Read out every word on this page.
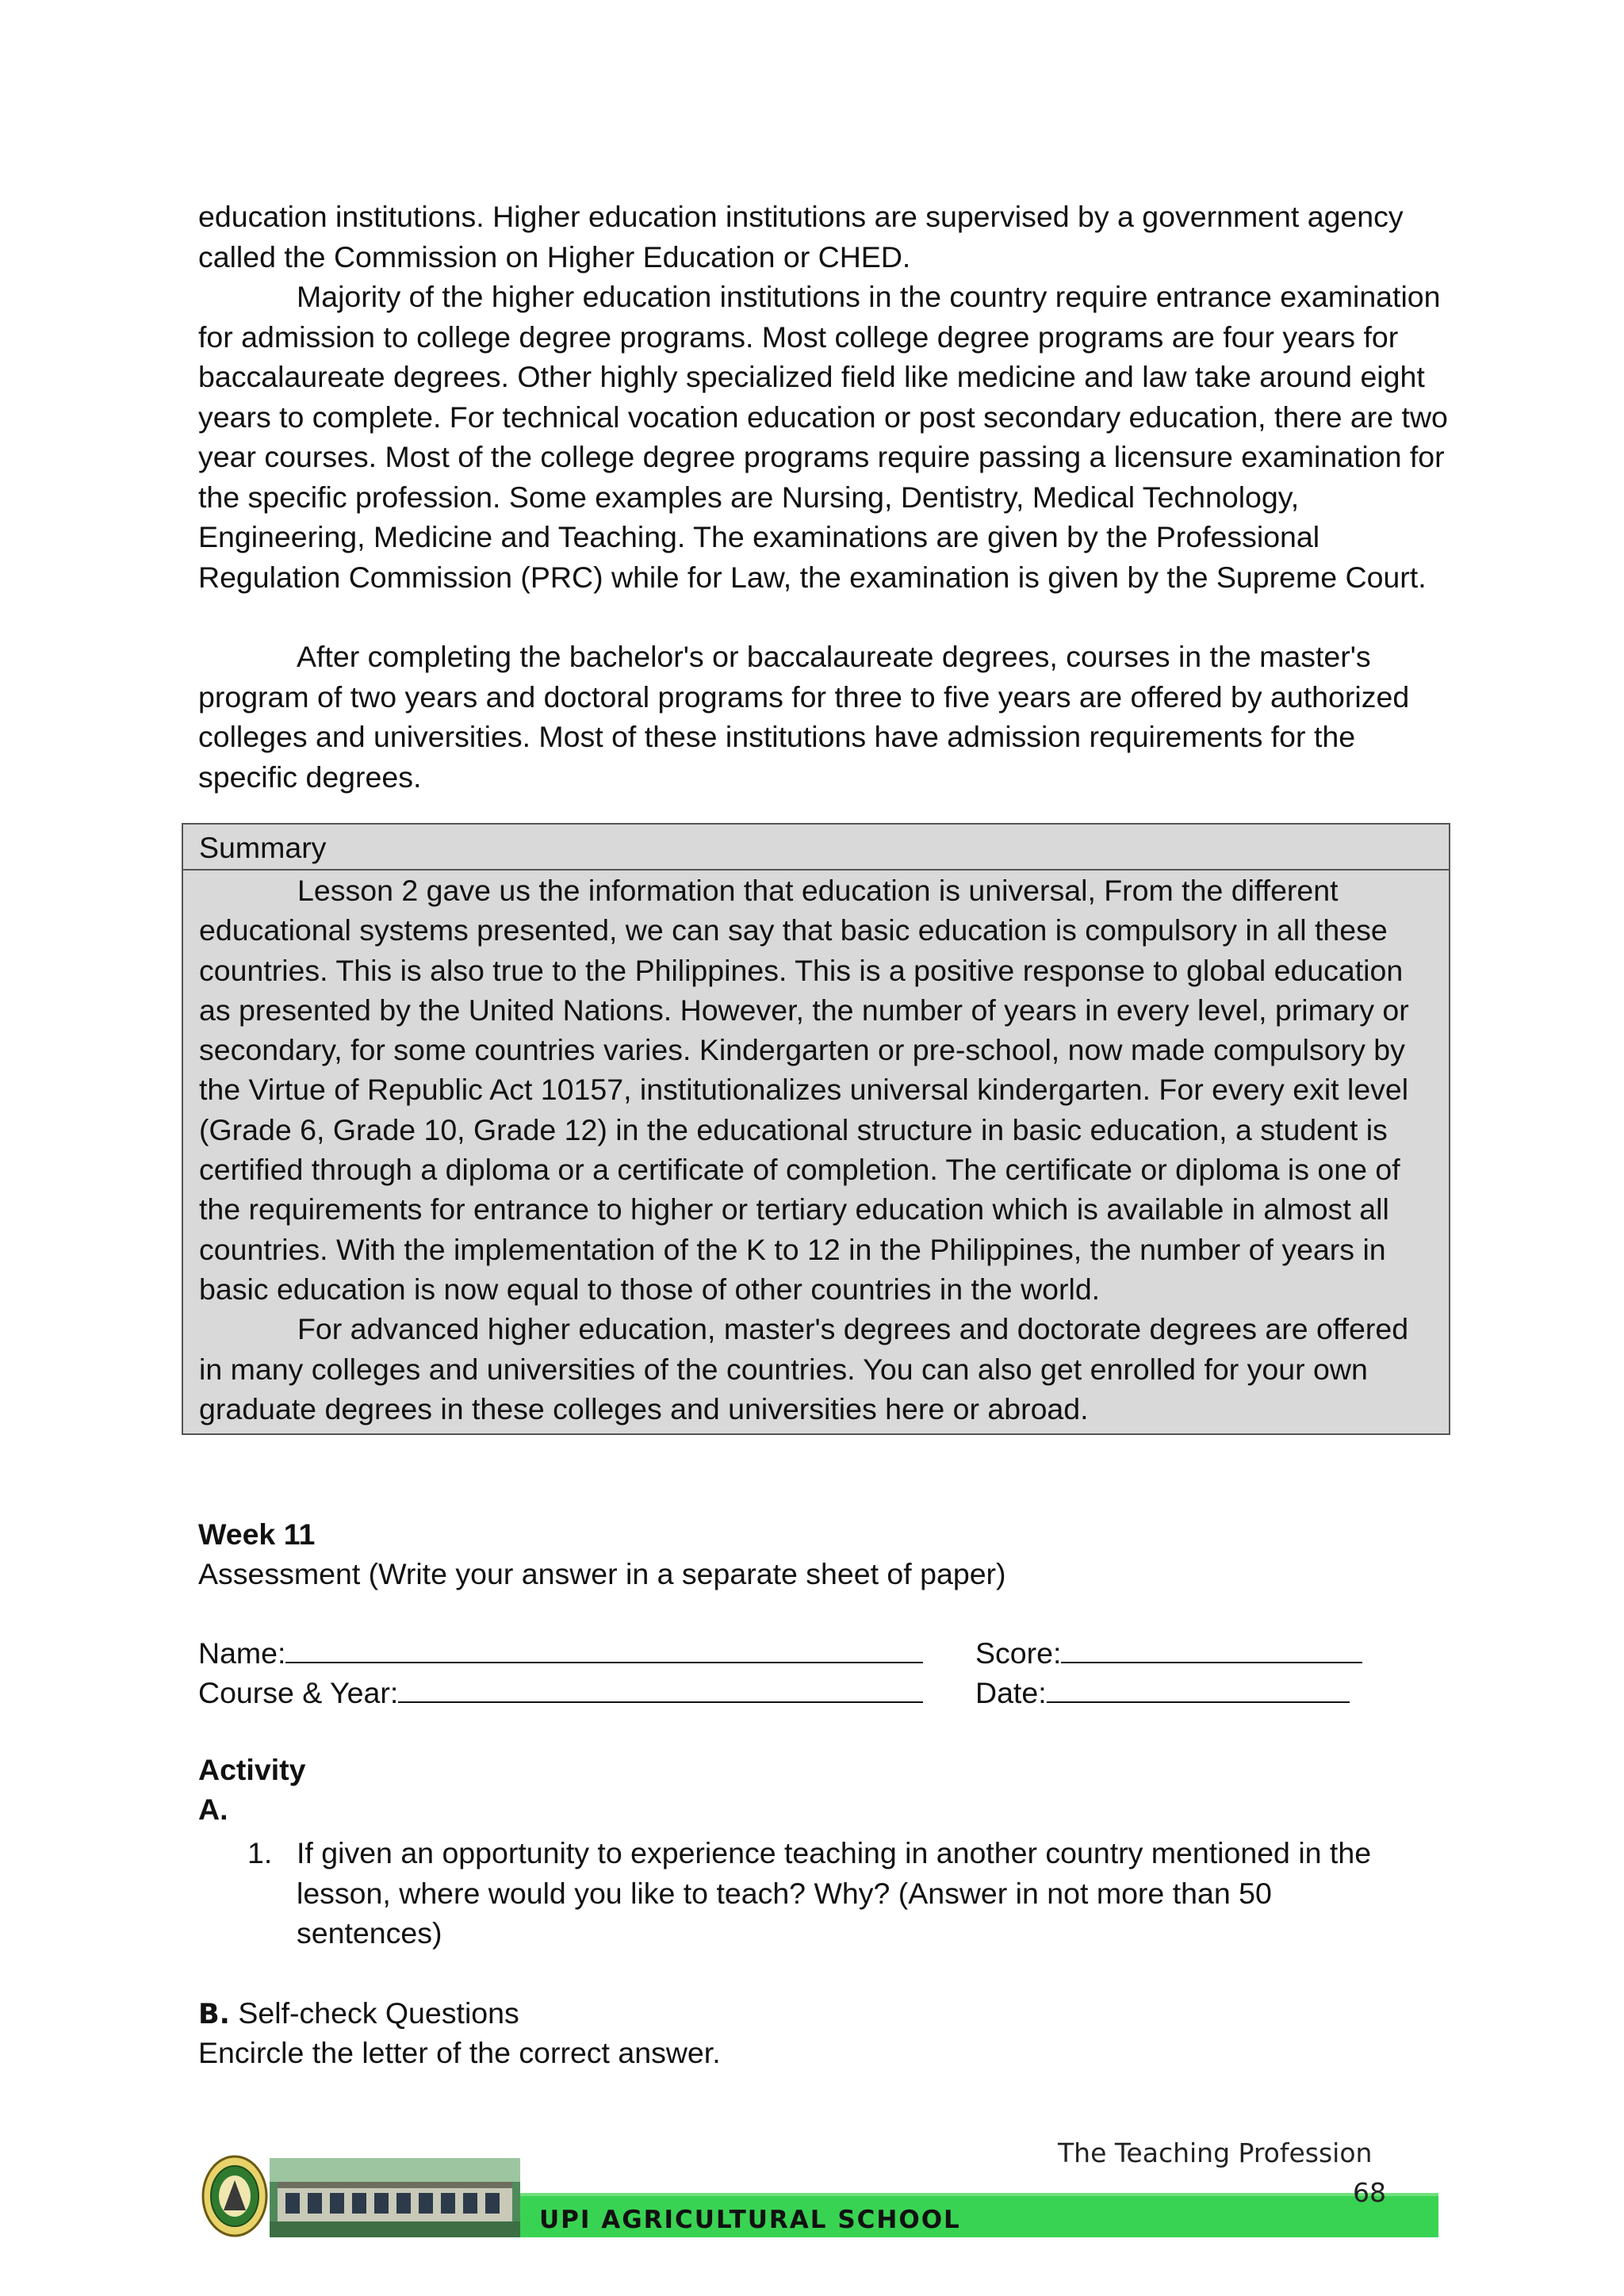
education institutions. Higher education institutions are supervised by a government agency called the Commission on Higher Education or CHED.

Majority of the higher education institutions in the country require entrance examination for admission to college degree programs. Most college degree programs are four years for baccalaureate degrees. Other highly specialized field like medicine and law take around eight years to complete. For technical vocation education or post secondary education, there are two year courses. Most of the college degree programs require passing a licensure examination for the specific profession. Some examples are Nursing, Dentistry, Medical Technology, Engineering, Medicine and Teaching. The examinations are given by the Professional Regulation Commission (PRC) while for Law, the examination is given by the Supreme Court.

After completing the bachelor's or baccalaureate degrees, courses in the master's program of two years and doctoral programs for three to five years are offered by authorized colleges and universities. Most of these institutions have admission requirements for the specific degrees.

Summary

Lesson 2 gave us the information that education is universal, From the different educational systems presented, we can say that basic education is compulsory in all these countries. This is also true to the Philippines. This is a positive response to global education as presented by the United Nations. However, the number of years in every level, primary or secondary, for some countries varies. Kindergarten or pre-school, now made compulsory by the Virtue of Republic Act 10157, institutionalizes universal kindergarten. For every exit level (Grade 6, Grade 10, Grade 12) in the educational structure in basic education, a student is certified through a diploma or a certificate of completion. The certificate or diploma is one of the requirements for entrance to higher or tertiary education which is available in almost all countries. With the implementation of the K to 12 in the Philippines, the number of years in basic education is now equal to those of other countries in the world.

For advanced higher education, master's degrees and doctorate degrees are offered in many colleges and universities of the countries. You can also get enrolled for your own graduate degrees in these colleges and universities here or abroad.

Week 11
Assessment (Write your answer in a separate sheet of paper)
Name:	Score:
Course & Year:	Date:
Activity
A.
1. If given an opportunity to experience teaching in another country mentioned in the lesson, where would you like to teach? Why? (Answer in not more than 50 sentences)

B. Self-check Questions
Encircle the letter of the correct answer.
The Teaching Profession
68
UPI AGRICULTURAL SCHOOL
